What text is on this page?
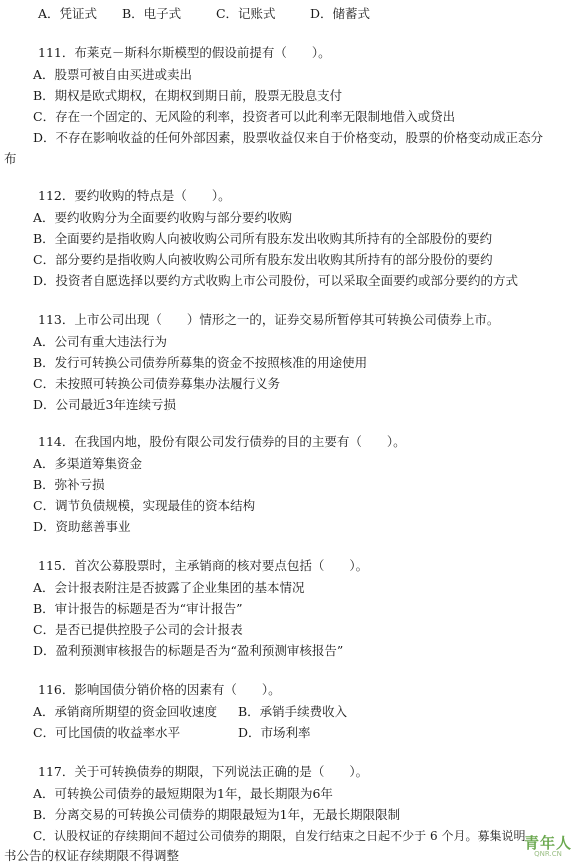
A．凭证式 B．电子式	C．记账式	D．储蓄式
111．布莱克－斯科尔斯模型的假设前提有（　　）。
A．股票可被自由买进或卖出
B．期权是欧式期权，在期权到期日前，股票无股息支付
C．存在一个固定的、无风险的利率，投资者可以此利率无限制地借入或贷出
D．不存在影响收益的任何外部因素，股票收益仅来自于价格变动，股票的价格变动成正态分
布
112．要约收购的特点是（　　）。
A．要约收购分为全面要约收购与部分要约收购
B．全面要约是指收购人向被收购公司所有股东发出收购其所持有的全部股份的要约
C．部分要约是指收购人向被收购公司所有股东发出收购其所持有的部分股份的要约
D．投资者自愿选择以要约方式收购上市公司股份，可以采取全面要约或部分要约的方式
113．上市公司出现（　　）情形之一的，证券交易所暂停其可转换公司债券上市。
A．公司有重大违法行为
B．发行可转换公司债券所募集的资金不按照核准的用途使用
C．未按照可转换公司债券募集办法履行义务
D．公司最近3年连续亏损
114．在我国内地，股份有限公司发行债券的目的主要有（　　）。
A．多渠道筹集资金
B．弥补亏损
C．调节负债规模，实现最佳的资本结构
D．资助慈善事业
115．首次公募股票时，主承销商的核对要点包括（　　）。
A．会计报表附注是否披露了企业集团的基本情况
B．审计报告的标题是否为“审计报告”
C．是否已提供控股子公司的会计报表
D．盈利预测审核报告的标题是否为“盈利预测审核报告”
116．影响国债分销价格的因素有（　　）。
A．承销商所期望的资金回收速度 B．承销手续费收入
C．可比国债的收益率水平	D．市场利率
117．关于可转换债券的期限，下列说法正确的是（　　）。
A．可转换公司债券的最短期限为1年，最长期限为6年
B．分离交易的可转换公司债券的期限最短为1年，无最长期限限制
C．认股权证的存续期间不超过公司债券的期限，自发行结束之日起不少于 6 个月。募集说明
书公告的权证存续期限不得调整
青年人
QNR.CN
